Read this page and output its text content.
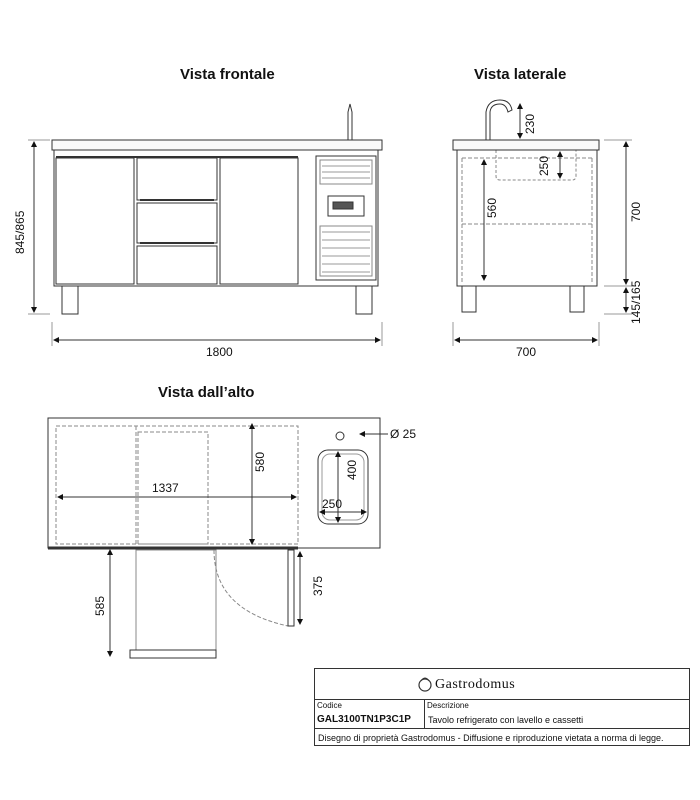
Vista frontale	Vista laterale
Vista dall’alto
845/865
1800
230
250
560	700
145/165
700
580
1337
Ø 25
400
250
585
375
Gastrodomus
Codice
GAL3100TN1P3C1P
Descrizione
Tavolo refrigerato con lavello e cassetti
Disegno di proprietà Gastrodomus - Diffusione e riproduzione vietata a norma di legge.
